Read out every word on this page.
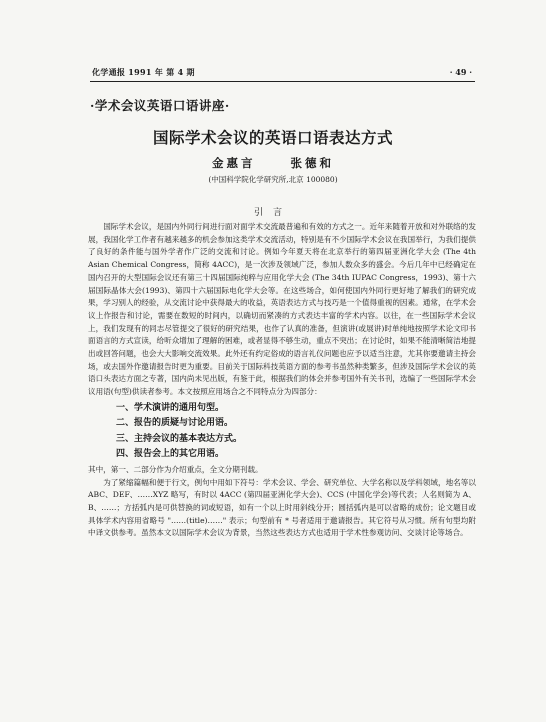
化学通报 1991 年 第 4 期	· 49 ·
·学术会议英语口语讲座·
国际学术会议的英语口语表达方式
金惠言 张德和
(中国科学院化学研究所,北京 100080)
引言

国际学术会议，是国内外同行间进行面对面学术交流最普遍和有效的方式之一。近年来随着开放和对外联络的发展，我国化学工作者有越来越多的机会参加这类学术交流活动，特别是有不少国际学术会议在我国举行，为我们提供了良好的条件能与国外学者作广泛的交流和讨论。例如今年夏天将在北京举行的第四届亚洲化学大会 (The 4th Asian Chemical Congress，简称 4ACC)，是一次涉及领域广泛，参加人数众多的盛会。今后几年中已经确定在国内召开的大型国际会议还有第三十四届国际纯粹与应用化学大会 (The 34th IUPAC Congress，1993)、第十六届国际晶体大会(1993)、第四十六届国际电化学大会等。在这些场合，如何使国内外同行更好地了解我们的研究成果，学习别人的经验，从交流讨论中获得最大的收益，英语表达方式与技巧是一个值得重视的因素。通常，在学术会议上作报告和讨论，需要在数短的时间内，以确切而紧凑的方式表达丰富的学术内容。以往，在一些国际学术会议上，我们发现有的同志尽管提交了很好的研究结果，也作了认真的准备，但演讲(或展讲)时单纯地按照学术论文印书面语言的方式宣读，给听众增加了理解的困难，或者显得不够生动，重点不突出；在讨论时，如果不能清晰简洁地提出或回答问题，也会大大影响交流效果。此外还有约定俗成的语言礼仪问题也应予以适当注意，尤其你要邀请主持会场，或去国外作邀请报告时更为重要。目前关于国际科技英语方面的参考书虽然种类繁多，但涉及国际学术会议的英语口头表达方面之专著，国内尚未见出版，有鉴于此，根据我们的体会并参考国外有关书刊，选编了一些国际学术会议用语(句型)供读者参考。本文按照应用场合之不同特点分为四部分：

一、学术演讲的通用句型。
二、报告的质疑与讨论用语。
三、主持会议的基本表达方式。
四、报告会上的其它用语。

其中，第一、二部分作为介绍重点，全文分期刊载。

为了紧缩篇幅和便于行文，例句中用如下符号：学术会议、学会、研究单位、大学名称以及学科领域，地名等以 ABC、DEF、……XYZ 略写，有时以 4ACC (第四届亚洲化学大会)、CCS (中国化学会)等代表；人名则简为 A、B、……；方括弧内是可供替换的词或短语，如有一个以上时用斜线分开；圆括弧内是可以省略的成份；论文题目或具体学术内容用省略号 "……(title)……" 表示；句型前有 * 号者适用于邀请报告。其它符号从习惯。所有句型均附中译文供参考。虽然本文以国际学术会议为背景，当然这些表达方式也适用于学术性参观访问、交谈讨论等场合。
